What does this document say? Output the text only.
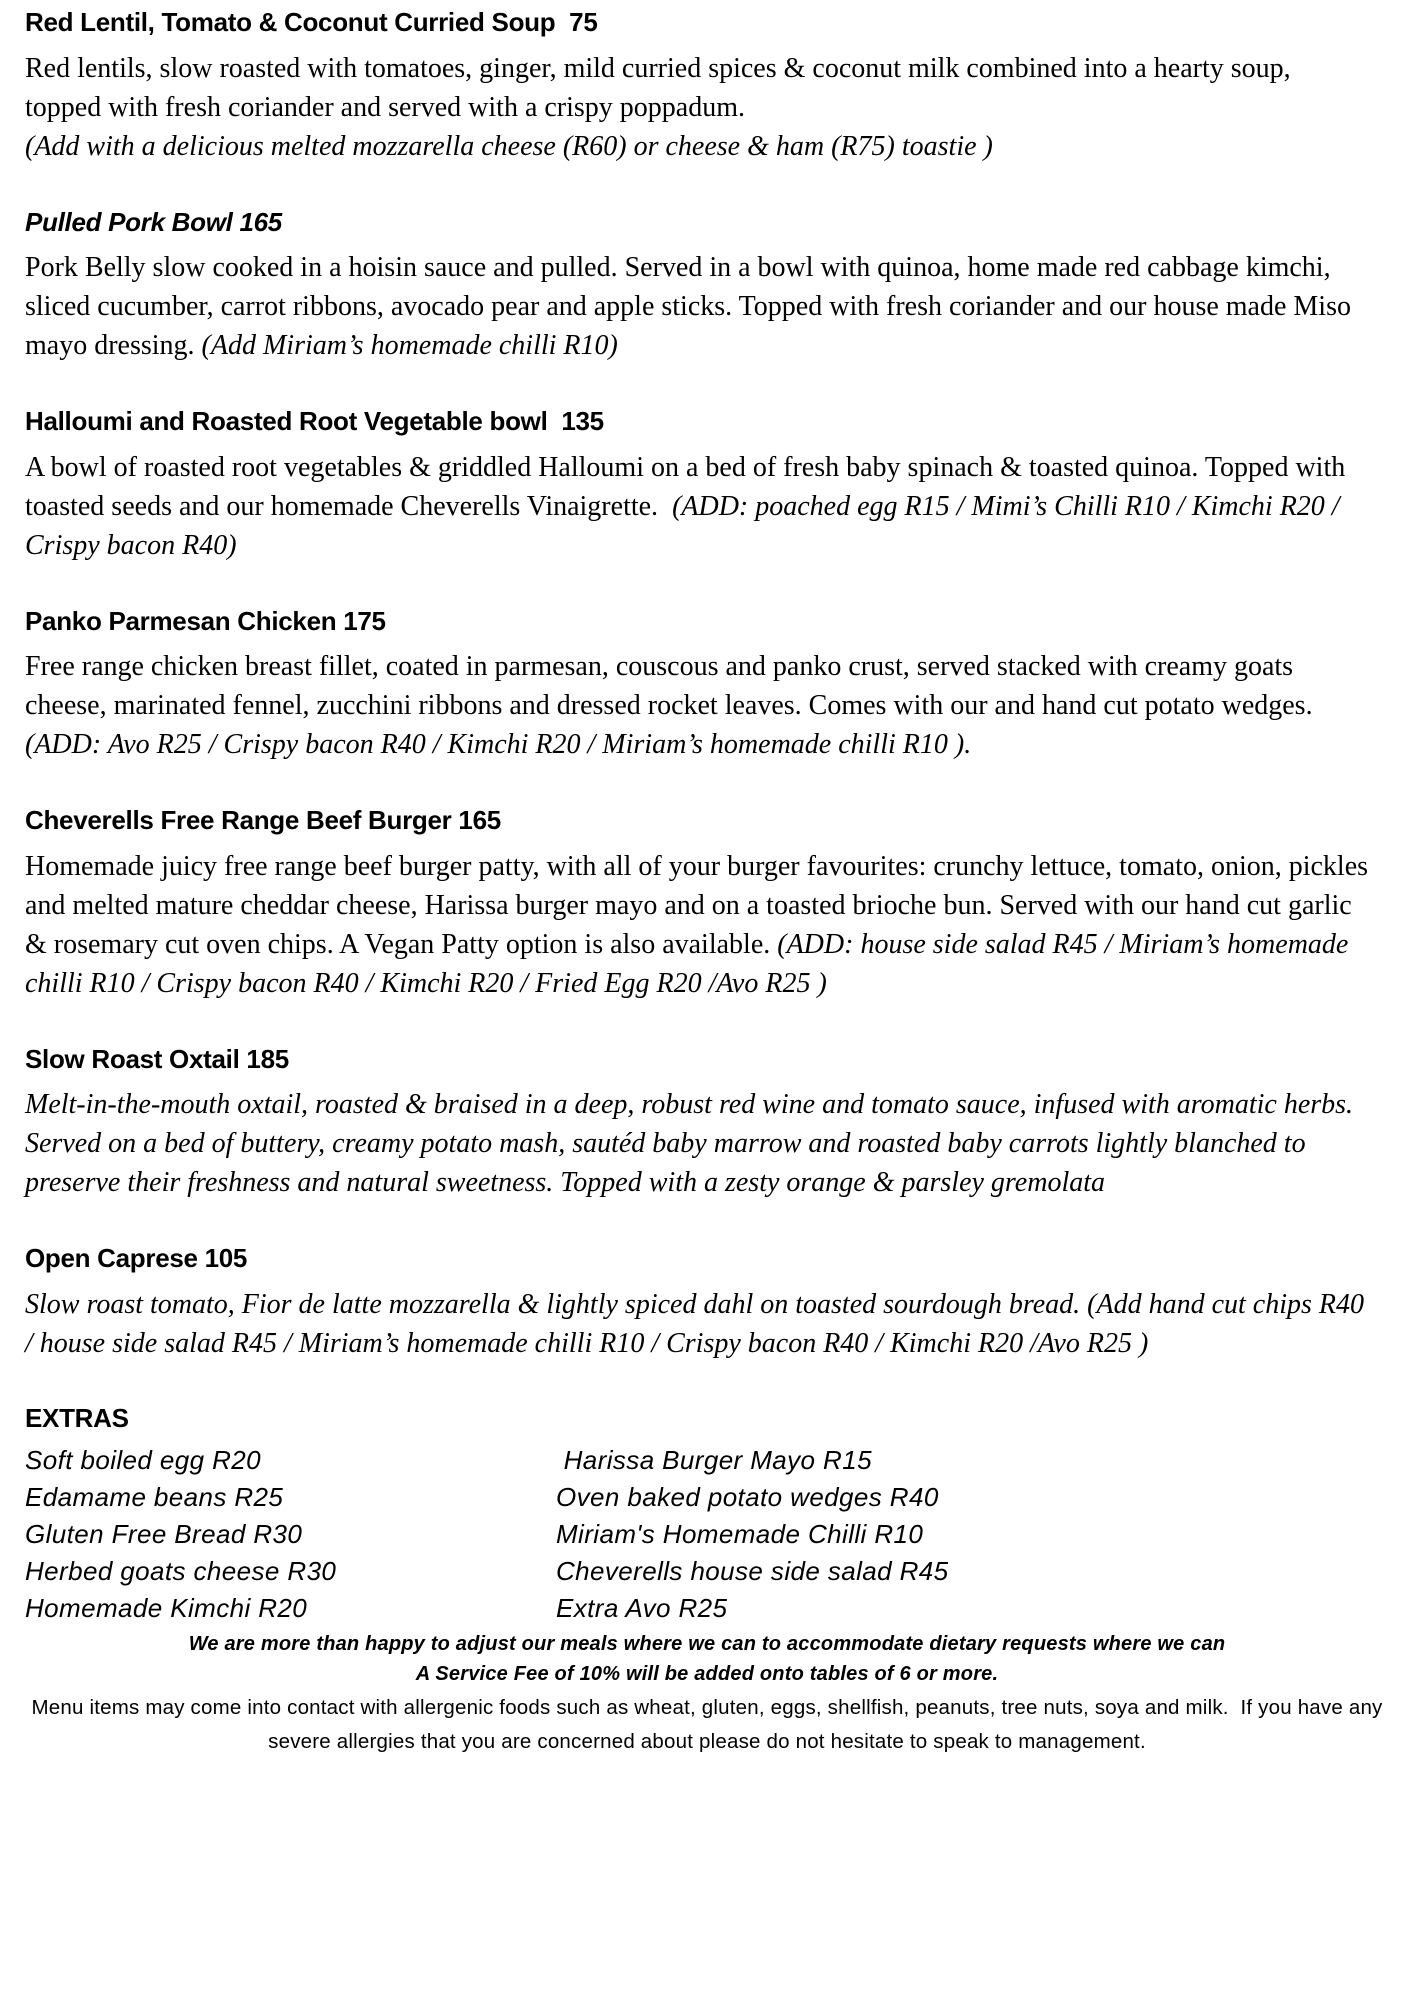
Red Lentil, Tomato & Coconut Curried Soup  75

Red lentils, slow roasted with tomatoes, ginger, mild curried spices & coconut milk combined into a hearty soup, topped with fresh coriander and served with a crispy poppadum.

(Add with a delicious melted mozzarella cheese (R60) or cheese & ham (R75) toastie )

Pulled Pork Bowl 165

Pork Belly slow cooked in a hoisin sauce and pulled. Served in a bowl with quinoa, home made red cabbage kimchi, sliced cucumber, carrot ribbons, avocado pear and apple sticks. Topped with fresh coriander and our house made Miso mayo dressing. (Add Miriam’s homemade chilli R10)

Halloumi and Roasted Root Vegetable bowl  135

A bowl of roasted root vegetables & griddled Halloumi on a bed of fresh baby spinach & toasted quinoa. Topped with toasted seeds and our homemade Cheverells Vinaigrette. (ADD: poached egg R15 / Mimi’s Chilli R10 / Kimchi R20 / Crispy bacon R40)

Panko Parmesan Chicken 175

Free range chicken breast fillet, coated in parmesan, couscous and panko crust, served stacked with creamy goats cheese, marinated fennel, zucchini ribbons and dressed rocket leaves. Comes with our and hand cut potato wedges. (ADD: Avo R25 / Crispy bacon R40 / Kimchi R20 / Miriam’s homemade chilli R10 ).

Cheverells Free Range Beef Burger 165

Homemade juicy free range beef burger patty, with all of your burger favourites: crunchy lettuce, tomato, onion, pickles and melted mature cheddar cheese, Harissa burger mayo and on a toasted brioche bun. Served with our hand cut garlic & rosemary cut oven chips. A Vegan Patty option is also available. (ADD: house side salad R45 / Miriam’s homemade chilli R10 / Crispy bacon R40 / Kimchi R20 / Fried Egg R20 /Avo R25 )

Slow Roast Oxtail 185

Melt-in-the-mouth oxtail, roasted & braised in a deep, robust red wine and tomato sauce, infused with aromatic herbs.

Served on a bed of buttery, creamy potato mash, sautéd baby marrow and roasted baby carrots lightly blanched to preserve their freshness and natural sweetness. Topped with a zesty orange & parsley gremolata

Open Caprese 105

Slow roast tomato, Fior de latte mozzarella & lightly spiced dahl on toasted sourdough bread. (Add hand cut chips R40 / house side salad R45 / Miriam’s homemade chilli R10 / Crispy bacon R40 / Kimchi R20 /Avo R25 )

EXTRAS
Soft boiled egg R20
Edamame beans R25
Gluten Free Bread R30
Herbed goats cheese R30
Homemade Kimchi R20
Harissa Burger Mayo R15
Oven baked potato wedges R40
Miriam's Homemade Chilli R10
Cheverells house side salad R45
Extra Avo R25

We are more than happy to adjust our meals where we can to accommodate dietary requests where we can

A Service Fee of 10% will be added onto tables of 6 or more.

Menu items may come into contact with allergenic foods such as wheat, gluten, eggs, shellfish, peanuts, tree nuts, soya and milk.  If you have any severe allergies that you are concerned about please do not hesitate to speak to management.
